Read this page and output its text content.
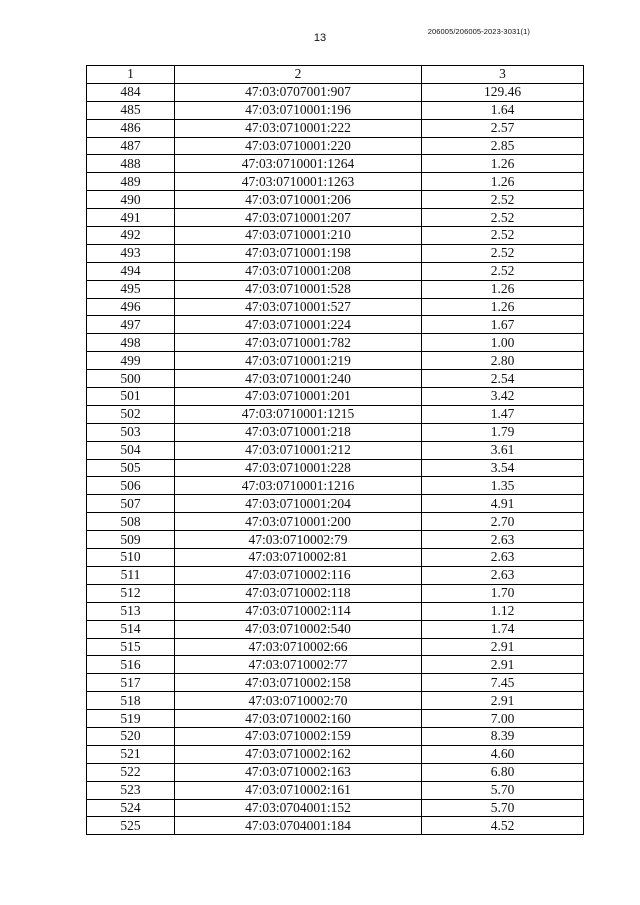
13
206005/206005-2023-3031(1)
1	2	3
484	47:03:0707001:907	129.46
485	47:03:0710001:196	1.64
486	47:03:0710001:222	2.57
487	47:03:0710001:220	2.85
488	47:03:0710001:1264	1.26
489	47:03:0710001:1263	1.26
490	47:03:0710001:206	2.52
491	47:03:0710001:207	2.52
492	47:03:0710001:210	2.52
493	47:03:0710001:198	2.52
494	47:03:0710001:208	2.52
495	47:03:0710001:528	1.26
496	47:03:0710001:527	1.26
497	47:03:0710001:224	1.67
498	47:03:0710001:782	1.00
499	47:03:0710001:219	2.80
500	47:03:0710001:240	2.54
501	47:03:0710001:201	3.42
502	47:03:0710001:1215	1.47
503	47:03:0710001:218	1.79
504	47:03:0710001:212	3.61
505	47:03:0710001:228	3.54
506	47:03:0710001:1216	1.35
507	47:03:0710001:204	4.91
508	47:03:0710001:200	2.70
509	47:03:0710002:79	2.63
510	47:03:0710002:81	2.63
511	47:03:0710002:116	2.63
512	47:03:0710002:118	1.70
513	47:03:0710002:114	1.12
514	47:03:0710002:540	1.74
515	47:03:0710002:66	2.91
516	47:03:0710002:77	2.91
517	47:03:0710002:158	7.45
518	47:03:0710002:70	2.91
519	47:03:0710002:160	7.00
520	47:03:0710002:159	8.39
521	47:03:0710002:162	4.60
522	47:03:0710002:163	6.80
523	47:03:0710002:161	5.70
524	47:03:0704001:152	5.70
525	47:03:0704001:184	4.52
